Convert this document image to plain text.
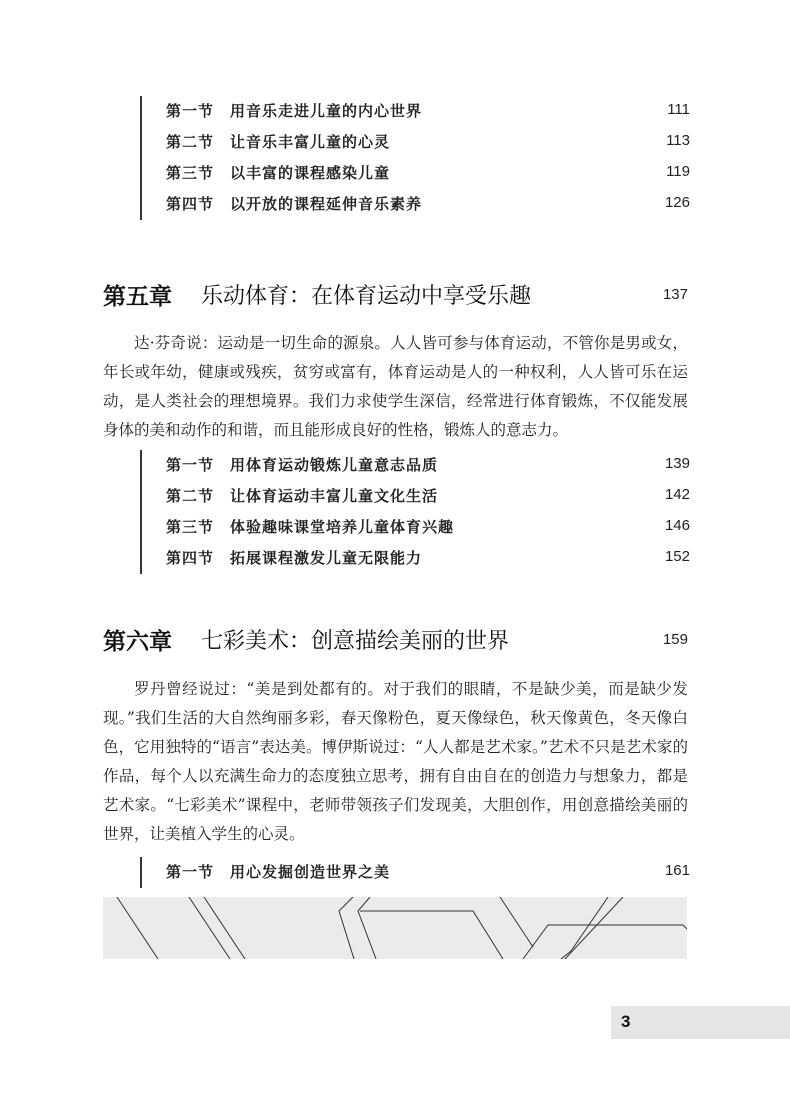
第一节 用音乐走进儿童的内心世界	111
第二节 让音乐丰富儿童的心灵	113
第三节 以丰富的课程感染儿童	119
第四节 以开放的课程延伸音乐素养	126
第五章 乐动体育：在体育运动中享受乐趣	137

达·芬奇说：运动是一切生命的源泉。人人皆可参与体育运动，不管你是男或女，年长或年幼，健康或残疾，贫穷或富有，体育运动是人的一种权利，人人皆可乐在运动，是人类社会的理想境界。我们力求使学生深信，经常进行体育锻炼，不仅能发展身体的美和动作的和谐，而且能形成良好的性格，锻炼人的意志力。

第一节 用体育运动锻炼儿童意志品质	139
第二节 让体育运动丰富儿童文化生活	142
第三节 体验趣味课堂培养儿童体育兴趣	146
第四节 拓展课程激发儿童无限能力	152
第六章 七彩美术：创意描绘美丽的世界	159

罗丹曾经说过：“美是到处都有的。对于我们的眼睛，不是缺少美，而是缺少发现。”我们生活的大自然绚丽多彩，春天像粉色，夏天像绿色，秋天像黄色，冬天像白色，它用独特的“语言”表达美。博伊斯说过：“人人都是艺术家。”艺术不只是艺术家的作品，每个人以充满生命力的态度独立思考，拥有自由自在的创造力与想象力，都是艺术家。“七彩美术”课程中，老师带领孩子们发现美，大胆创作，用创意描绘美丽的世界，让美植入学生的心灵。

第一节 用心发掘创造世界之美	161
3
